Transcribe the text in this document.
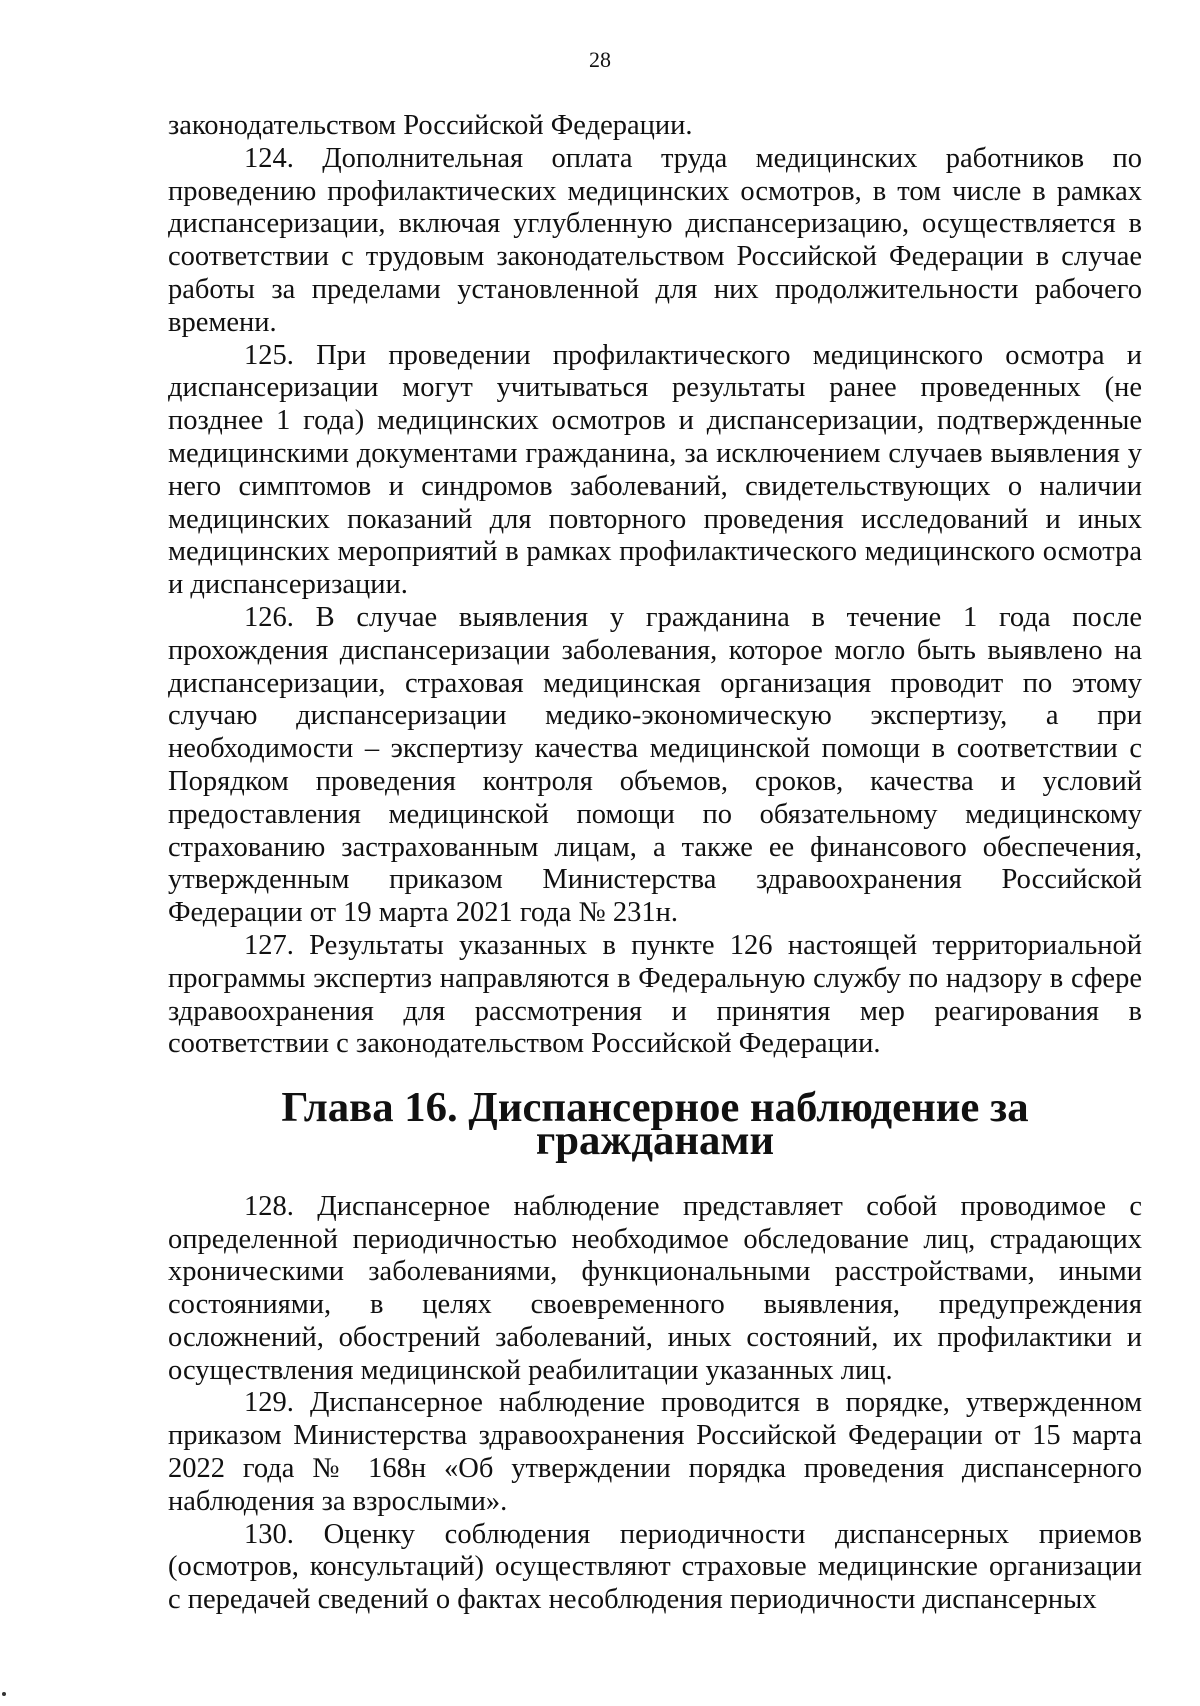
28

законодательством Российской Федерации.

124. Дополнительная оплата труда медицинских работников по проведению профилактических медицинских осмотров, в том числе в рамках диспансеризации, включая углубленную диспансеризацию, осуществляется в соответствии с трудовым законодательством Российской Федерации в случае работы за пределами установленной для них продолжительности рабочего времени.

125. При проведении профилактического медицинского осмотра и диспансеризации могут учитываться результаты ранее проведенных (не позднее 1 года) медицинских осмотров и диспансеризации, подтвержденные медицинскими документами гражданина, за исключением случаев выявления у него симптомов и синдромов заболеваний, свидетельствующих о наличии медицинских показаний для повторного проведения исследований и иных медицинских мероприятий в рамках профилактического медицинского осмотра и диспансеризации.

126. В случае выявления у гражданина в течение 1 года после прохождения диспансеризации заболевания, которое могло быть выявлено на диспансеризации, страховая медицинская организация проводит по этому случаю диспансеризации медико-экономическую экспертизу, а при необходимости – экспертизу качества медицинской помощи в соответствии с Порядком проведения контроля объемов, сроков, качества и условий предоставления медицинской помощи по обязательному медицинскому страхованию застрахованным лицам, а также ее финансового обеспечения, утвержденным приказом Министерства здравоохранения Российской Федерации от 19 марта 2021 года № 231н.

127. Результаты указанных в пункте 126 настоящей территориальной программы экспертиз направляются в Федеральную службу по надзору в сфере здравоохранения для рассмотрения и принятия мер реагирования в соответствии с законодательством Российской Федерации.

Глава 16. Диспансерное наблюдение за гражданами

128. Диспансерное наблюдение представляет собой проводимое с определенной периодичностью необходимое обследование лиц, страдающих хроническими заболеваниями, функциональными расстройствами, иными состояниями, в целях своевременного выявления, предупреждения осложнений, обострений заболеваний, иных состояний, их профилактики и осуществления медицинской реабилитации указанных лиц.

129. Диспансерное наблюдение проводится в порядке, утвержденном приказом Министерства здравоохранения Российской Федерации от 15 марта 2022 года № 168н «Об утверждении порядка проведения диспансерного наблюдения за взрослыми».

130. Оценку соблюдения периодичности диспансерных приемов (осмотров, консультаций) осуществляют страховые медицинские организации с передачей сведений о фактах несоблюдения периодичности диспансерных
